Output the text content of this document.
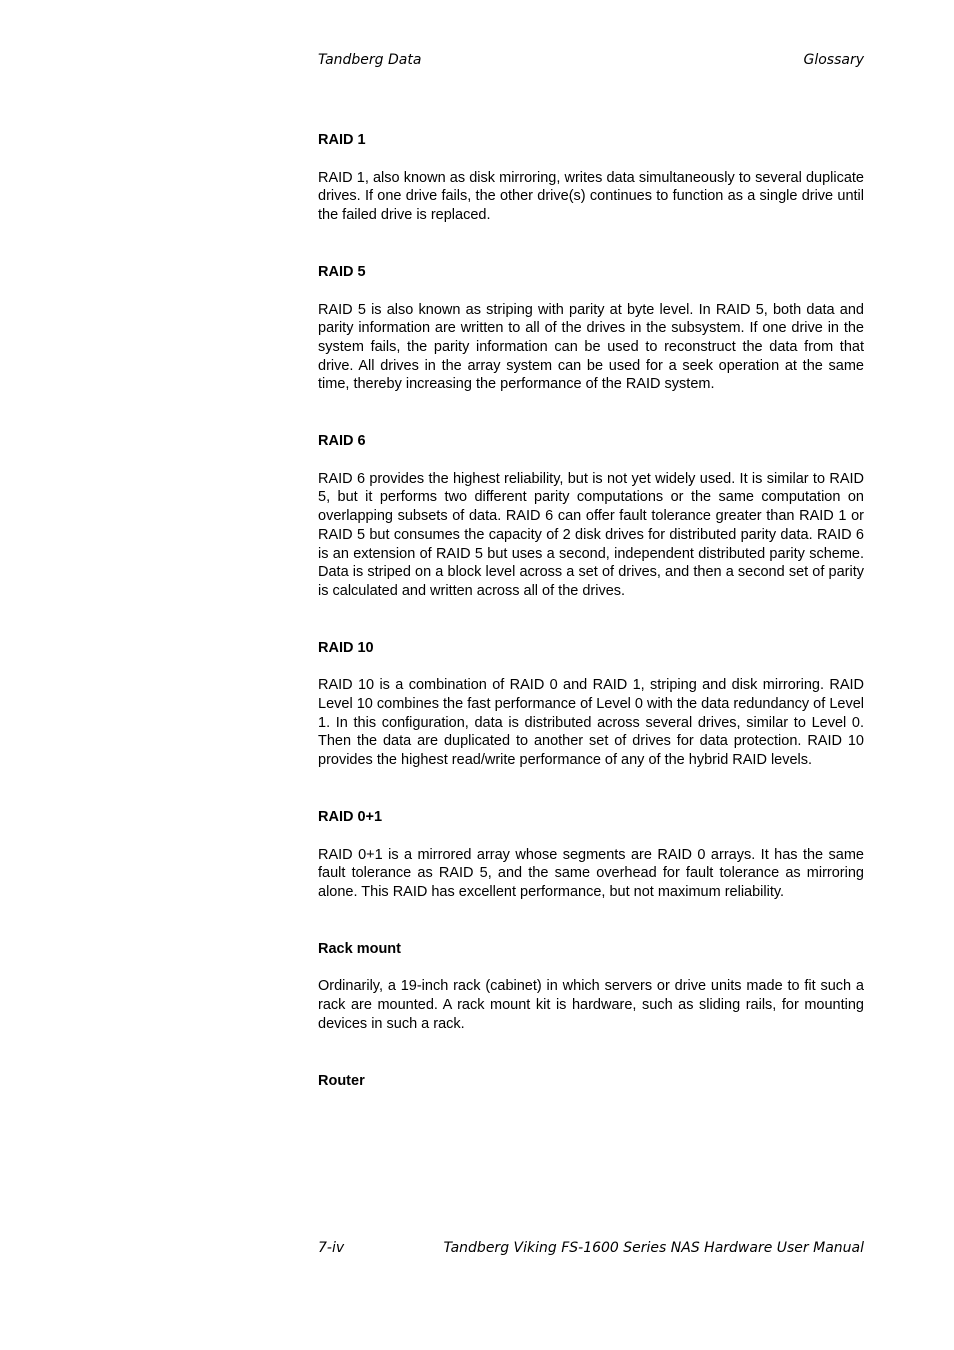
Tandberg Data	Glossary
RAID 1

RAID 1, also known as disk mirroring, writes data simultaneously to several duplicate drives. If one drive fails, the other drive(s) continues to function as a single drive until the failed drive is replaced.

RAID 5

RAID 5 is also known as striping with parity at byte level. In RAID 5, both data and parity information are written to all of the drives in the subsystem. If one drive in the system fails, the parity information can be used to reconstruct the data from that drive. All drives in the array system can be used for a seek operation at the same time, thereby increasing the performance of the RAID system.

RAID 6

RAID 6 provides the highest reliability, but is not yet widely used. It is similar to RAID 5, but it performs two different parity computations or the same computation on overlapping subsets of data. RAID 6 can offer fault tolerance greater than RAID 1 or RAID 5 but consumes the capacity of 2 disk drives for distributed parity data. RAID 6 is an extension of RAID 5 but uses a second, independent distributed parity scheme. Data is striped on a block level across a set of drives, and then a second set of parity is calculated and written across all of the drives.

RAID 10

RAID 10 is a combination of RAID 0 and RAID 1, striping and disk mirroring. RAID Level 10 combines the fast performance of Level 0 with the data redundancy of Level 1. In this configuration, data is distributed across several drives, similar to Level 0. Then the data are duplicated to another set of drives for data protection. RAID 10 provides the highest read/write performance of any of the hybrid RAID levels.

RAID 0+1

RAID 0+1 is a mirrored array whose segments are RAID 0 arrays. It has the same fault tolerance as RAID 5, and the same overhead for fault tolerance as mirroring alone. This RAID has excellent performance, but not maximum reliability.

Rack mount

Ordinarily, a 19-inch rack (cabinet) in which servers or drive units made to fit such a rack are mounted. A rack mount kit is hardware, such as sliding rails, for mounting devices in such a rack.

Router
7-iv	Tandberg Viking FS-1600 Series NAS Hardware User Manual
